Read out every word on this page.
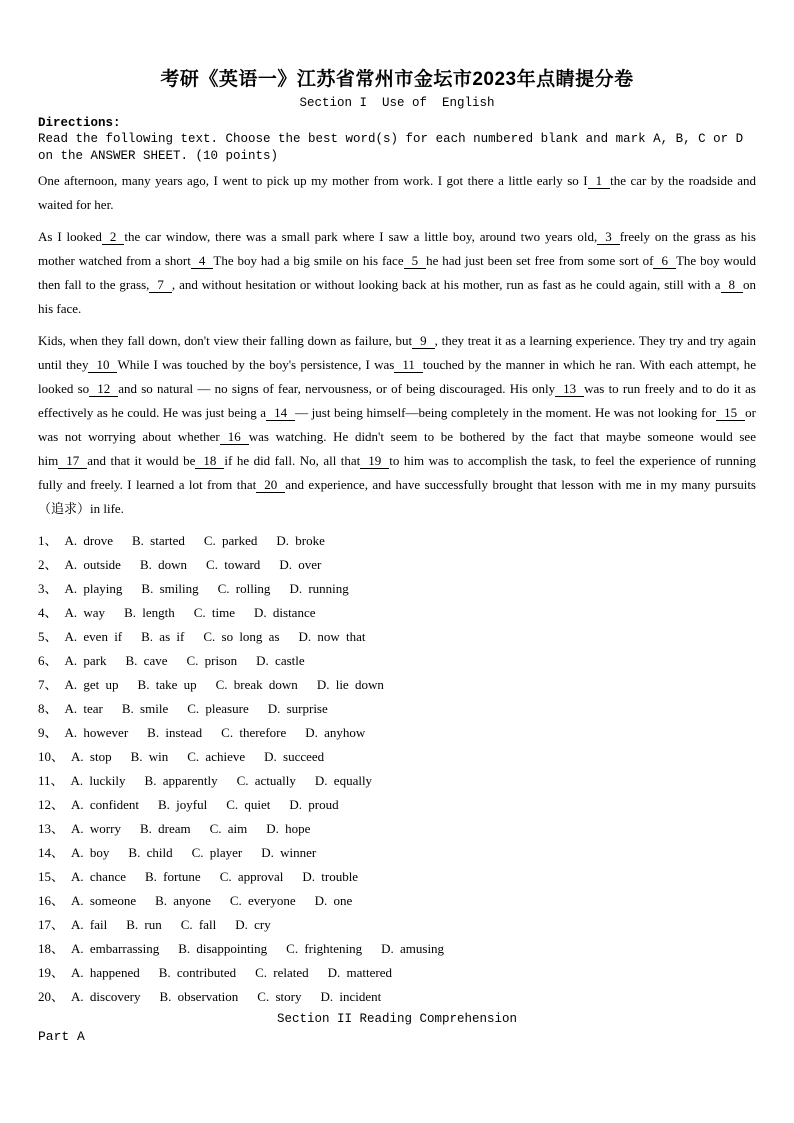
考研《英语一》江苏省常州市金坛市2023年点睛提分卷
Section I  Use of  English
Directions:
Read the following text. Choose the best word(s) for each numbered blank and mark A, B, C or D on the ANSWER SHEET. (10 points)

One afternoon, many years ago, I went to pick up my mother from work. I got there a little early so I 1 the car by the roadside and waited for her.

As I looked 2 the car window, there was a small park where I saw a little boy, around two years old, 3 freely on the grass as his mother watched from a short 4 The boy had a big smile on his face 5 he had just been set free from some sort of 6 The boy would then fall to the grass, 7 , and without hesitation or without looking back at his mother, run as fast as he could again, still with a 8 on his face.

Kids, when they fall down, don't view their falling down as failure, but 9 , they treat it as a learning experience. They try and try again until they 10 While I was touched by the boy's persistence, I was 11 touched by the manner in which he ran. With each attempt, he looked so 12 and so natural — no signs of fear, nervousness, or of being discouraged. His only 13 was to run freely and to do it as effectively as he could. He was just being a 14 — just being himself—being completely in the moment. He was not looking for 15 or was not worrying about whether 16 was watching. He didn't seem to be bothered by the fact that maybe someone would see him 17 and that it would be 18 if he did fall. No, all that 19 to him was to accomplish the task, to feel the experience of running fully and freely. I learned a lot from that 20 and experience, and have successfully brought that lesson with me in my many pursuits（追求）in life.

1、 A. drove B. started C. parked D. broke
2、 A. outside B. down C. toward D. over
3、 A. playing B. smiling C. rolling D. running
4、 A. way B. length C. time D. distance
5、 A. even if B. as if C. so long as D. now that
6、 A. park B. cave C. prison D. castle
7、 A. get up B. take up C. break down D. lie down
8、 A. tear B. smile C. pleasure D. surprise
9、 A. however B. instead C. therefore D. anyhow
10、 A. stop B. win C. achieve D. succeed
11、 A. luckily B. apparently C. actually D. equally
12、 A. confident B. joyful C. quiet D. proud
13、 A. worry B. dream C. aim D. hope
14、 A. boy B. child C. player D. winner
15、 A. chance B. fortune C. approval D. trouble
16、 A. someone B. anyone C. everyone D. one
17、 A. fail B. run C. fall D. cry
18、 A. embarrassing B. disappointing C. frightening D. amusing
19、 A. happened B. contributed C. related D. mattered
20、 A. discovery B. observation C. story D. incident
Section II Reading Comprehension
Part A
